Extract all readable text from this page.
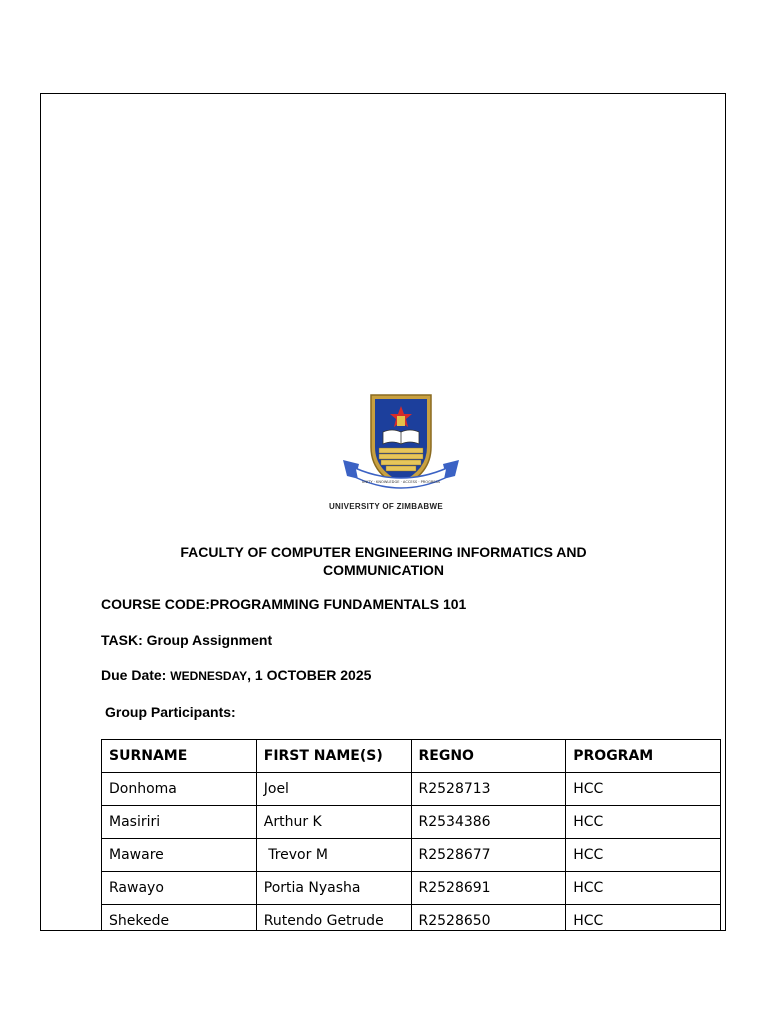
UNITY · KNOWLEDGE · ACCESS · PROGRESS
UNIVERSITY OF ZIMBABWE
FACULTY OF COMPUTER ENGINEERING INFORMATICS AND
COMMUNICATION
COURSE CODE:PROGRAMMING FUNDAMENTALS 101
TASK: Group Assignment
Due Date: WEDNESDAY, 1 OCTOBER 2025
Group Participants:
SURNAME	FIRST NAME(S)	REGNO	PROGRAM
Donhoma	Joel	R2528713	HCC
Masiriri	Arthur K	R2534386	HCC
Maware	Trevor M	R2528677	HCC
Rawayo	Portia Nyasha	R2528691	HCC
Shekede	Rutendo Getrude	R2528650	HCC
